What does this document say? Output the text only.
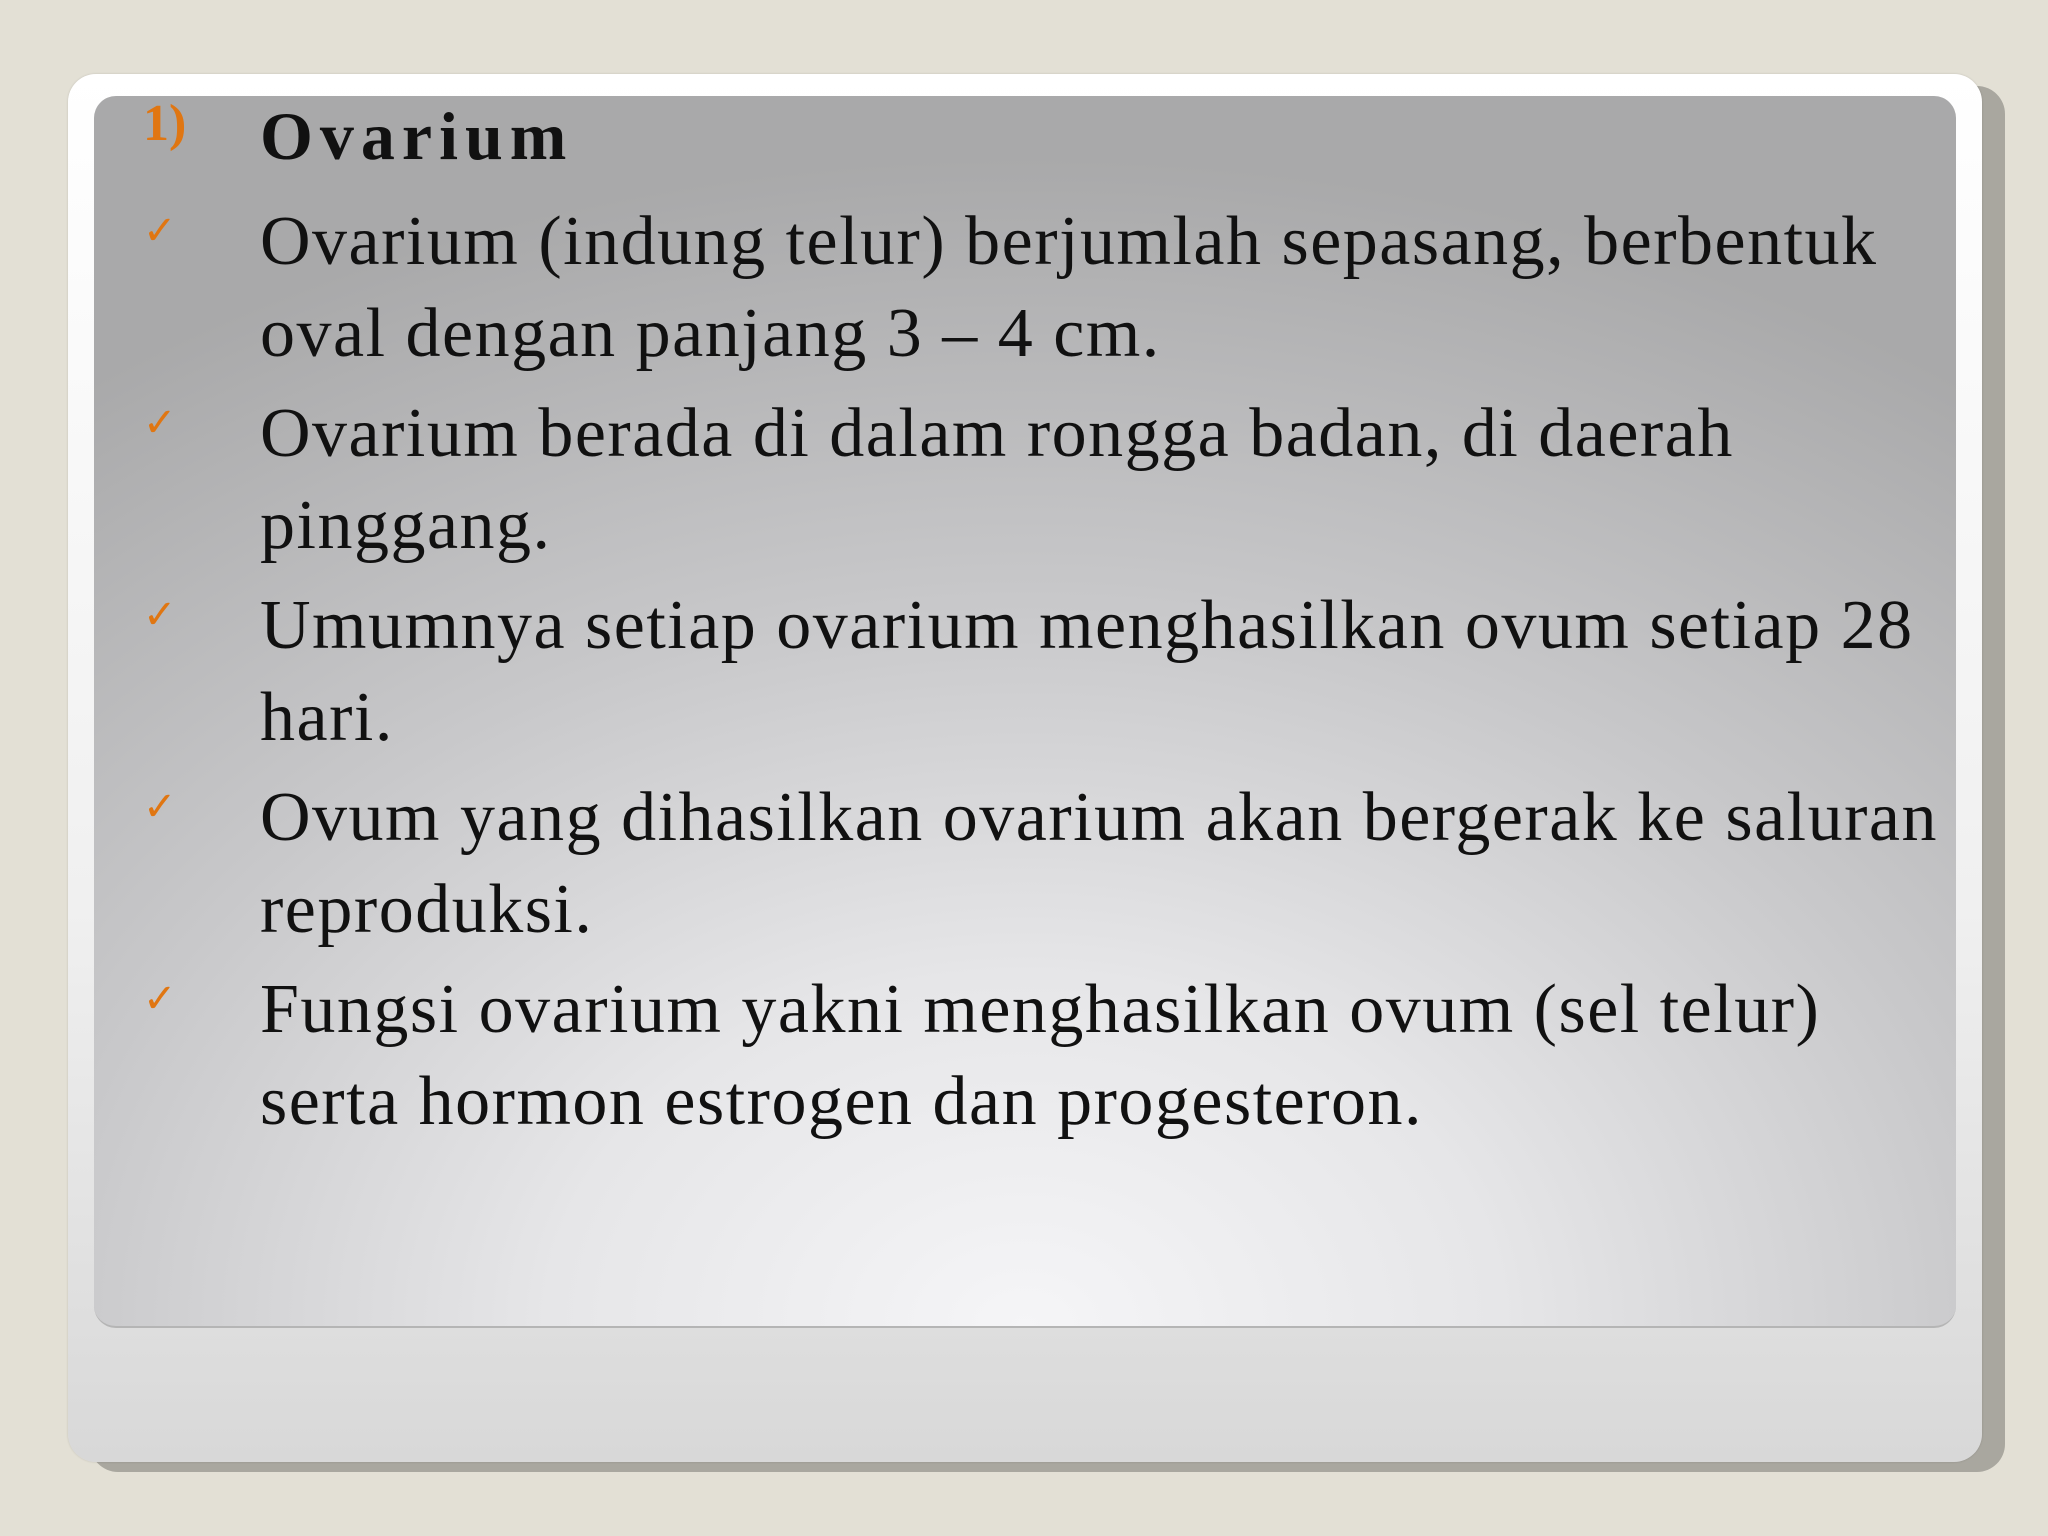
1) Ovarium
✓ Ovarium (indung telur) berjumlah sepasang, berbentuk oval dengan panjang 3 – 4 cm.
✓ Ovarium berada di dalam rongga badan, di daerah pinggang.
✓ Umumnya setiap ovarium menghasilkan ovum setiap 28 hari.
✓ Ovum yang dihasilkan ovarium akan bergerak ke saluran reproduksi.
✓ Fungsi ovarium yakni menghasilkan ovum (sel telur) serta hormon estrogen dan progesteron.
